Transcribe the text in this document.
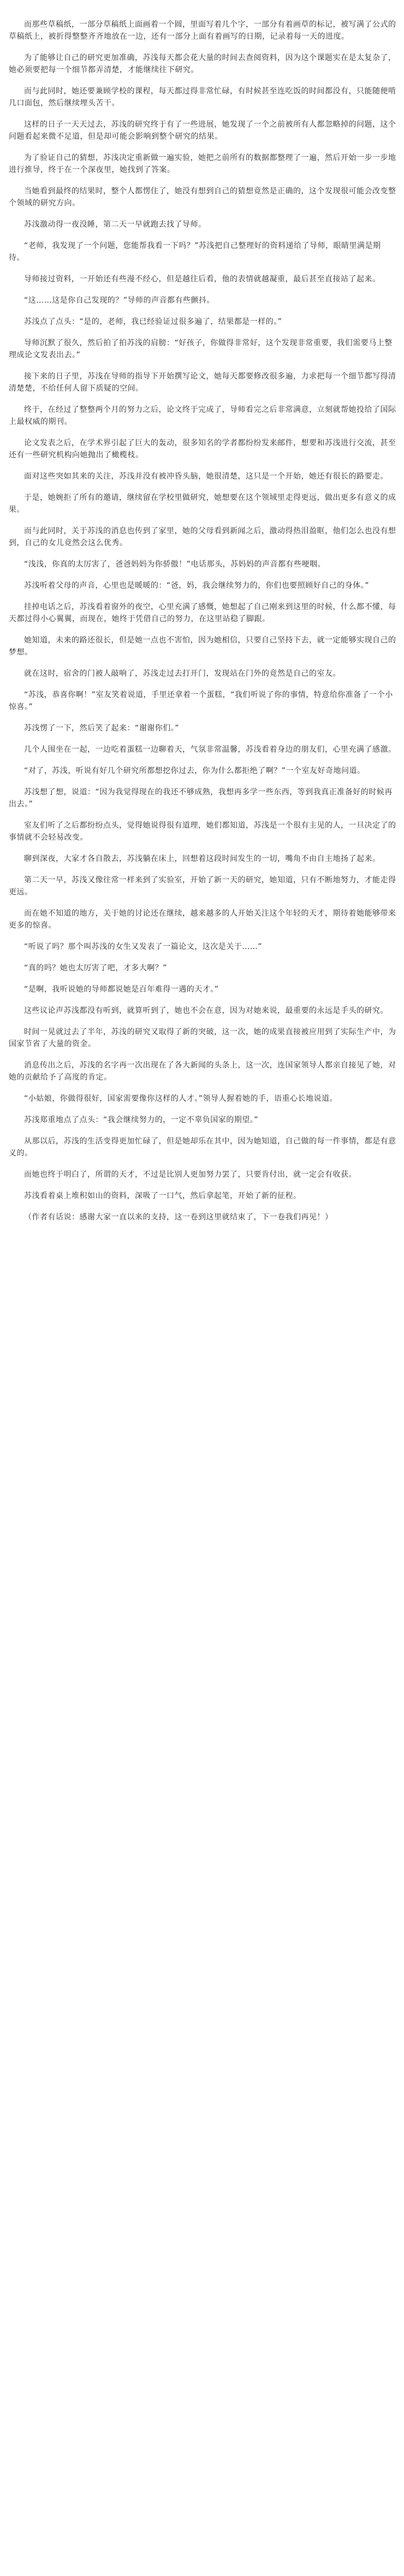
而那些草稿纸，一部分草稿纸上面画着一个圆，里面写着几个字，一部分有着画草的标记，被写满了公式的草稿纸上，被折得整整齐齐地放在一边，还有一部分上面有着画写的日期，记录着每一天的进度。

为了能够让自己的研究更加准确，苏浅每天都会花大量的时间去查阅资料，因为这个课题实在是太复杂了，她必须要把每一个细节都弄清楚，才能继续往下研究。

而与此同时，她还要兼顾学校的课程，每天都过得非常忙碌，有时候甚至连吃饭的时间都没有，只能随便啃几口面包，然后继续埋头苦干。

这样的日子一天天过去，苏浅的研究终于有了一些进展，她发现了一个之前被所有人都忽略掉的问题，这个问题看起来微不足道，但是却可能会影响到整个研究的结果。

为了验证自己的猜想，苏浅决定重新做一遍实验，她把之前所有的数据都整理了一遍，然后开始一步一步地进行推导，终于在一个深夜里，她找到了答案。

当她看到最终的结果时，整个人都愣住了，她没有想到自己的猜想竟然是正确的，这个发现很可能会改变整个领域的研究方向。

苏浅激动得一夜没睡，第二天一早就跑去找了导师。

“老师，我发现了一个问题，您能帮我看一下吗？”苏浅把自己整理好的资料递给了导师，眼睛里满是期待。

导师接过资料，一开始还有些漫不经心，但是越往后看，他的表情就越凝重，最后甚至直接站了起来。

“这……这是你自己发现的？”导师的声音都有些颤抖。

苏浅点了点头：“是的，老师，我已经验证过很多遍了，结果都是一样的。”

导师沉默了很久，然后拍了拍苏浅的肩膀：“好孩子，你做得非常好，这个发现非常重要，我们需要马上整理成论文发表出去。”

接下来的日子里，苏浅在导师的指导下开始撰写论文，她每天都要修改很多遍，力求把每一个细节都写得清清楚楚，不给任何人留下质疑的空间。

终于，在经过了整整两个月的努力之后，论文终于完成了，导师看完之后非常满意，立刻就帮她投给了国际上最权威的期刊。

论文发表之后，在学术界引起了巨大的轰动，很多知名的学者都纷纷发来邮件，想要和苏浅进行交流，甚至还有一些研究机构向她抛出了橄榄枝。

面对这些突如其来的关注，苏浅并没有被冲昏头脑，她很清楚，这只是一个开始，她还有很长的路要走。

于是，她婉拒了所有的邀请，继续留在学校里做研究，她想要在这个领域里走得更远，做出更多有意义的成果。

而与此同时，关于苏浅的消息也传到了家里，她的父母看到新闻之后，激动得热泪盈眶，他们怎么也没有想到，自己的女儿竟然会这么优秀。

“浅浅，你真的太厉害了，爸爸妈妈为你骄傲！”电话那头，苏妈妈的声音都有些哽咽。

苏浅听着父母的声音，心里也是暖暖的：“爸，妈，我会继续努力的，你们也要照顾好自己的身体。”

挂掉电话之后，苏浅看着窗外的夜空，心里充满了感慨，她想起了自己刚来到这里的时候，什么都不懂，每天都过得小心翼翼，而现在，她终于凭借自己的努力，在这里站稳了脚跟。

她知道，未来的路还很长，但是她一点也不害怕，因为她相信，只要自己坚持下去，就一定能够实现自己的梦想。

就在这时，宿舍的门被人敲响了，苏浅走过去打开门，发现站在门外的竟然是自己的室友。

“苏浅，恭喜你啊！”室友笑着说道，手里还拿着一个蛋糕，“我们听说了你的事情，特意给你准备了一个小惊喜。”

苏浅愣了一下，然后笑了起来：“谢谢你们。”

几个人围坐在一起，一边吃着蛋糕一边聊着天，气氛非常温馨，苏浅看着身边的朋友们，心里充满了感激。

“对了，苏浅，听说有好几个研究所都想挖你过去，你为什么都拒绝了啊？”一个室友好奇地问道。

苏浅想了想，说道：“因为我觉得现在的我还不够成熟，我想再多学一些东西，等到我真正准备好的时候再出去。”

室友们听了之后都纷纷点头，觉得她说得很有道理，她们都知道，苏浅是一个很有主见的人，一旦决定了的事情就不会轻易改变。

聊到深夜，大家才各自散去，苏浅躺在床上，回想着这段时间发生的一切，嘴角不由自主地扬了起来。

第二天一早，苏浅又像往常一样来到了实验室，开始了新一天的研究，她知道，只有不断地努力，才能走得更远。

而在她不知道的地方，关于她的讨论还在继续，越来越多的人开始关注这个年轻的天才，期待着她能够带来更多的惊喜。

“听说了吗？那个叫苏浅的女生又发表了一篇论文，这次是关于……”

“真的吗？她也太厉害了吧，才多大啊？”

“是啊，我听说她的导师都说她是百年难得一遇的天才。”

这些议论声苏浅都没有听到，就算听到了，她也不会在意，因为对她来说，最重要的永远是手头的研究。

时间一晃就过去了半年，苏浅的研究又取得了新的突破，这一次，她的成果直接被应用到了实际生产中，为国家节省了大量的资金。

消息传出之后，苏浅的名字再一次出现在了各大新闻的头条上，这一次，连国家领导人都亲自接见了她，对她的贡献给予了高度的肯定。

“小姑娘，你做得很好，国家需要像你这样的人才。”领导人握着她的手，语重心长地说道。

苏浅郑重地点了点头：“我会继续努力的，一定不辜负国家的期望。”

从那以后，苏浅的生活变得更加忙碌了，但是她却乐在其中，因为她知道，自己做的每一件事情，都是有意义的。

而她也终于明白了，所谓的天才，不过是比别人更加努力罢了，只要肯付出，就一定会有收获。

苏浅看着桌上堆积如山的资料，深吸了一口气，然后拿起笔，开始了新的征程。

（作者有话说：感谢大家一直以来的支持，这一卷到这里就结束了，下一卷我们再见！）
